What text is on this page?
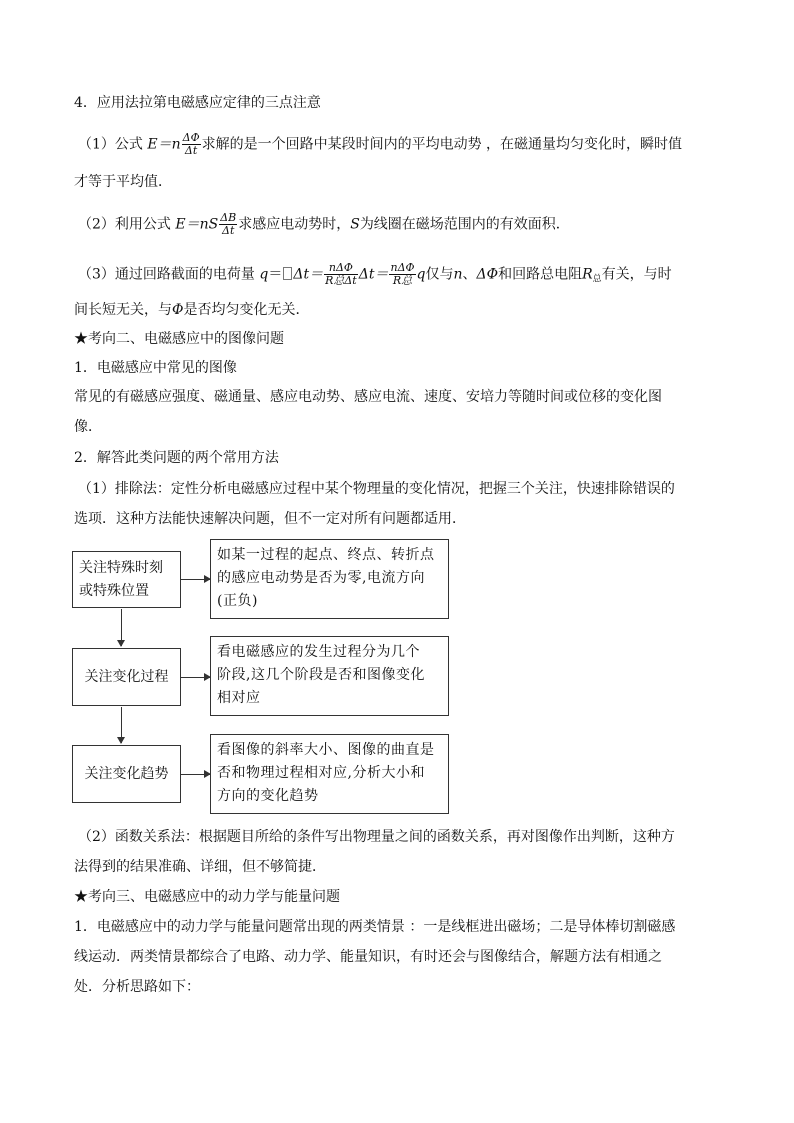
4．应用法拉第电磁感应定律的三点注意
（1）公式 $E=n \frac{\Delta\Phi}{\Delta t}$ 求解的是一个回路中某段时间内的平均电动势 ，在磁通量均匀变化时，瞬时值
才等于平均值．
（2）利用公式 $E=nS \frac{\Delta B}{\Delta t}$ 求感应电动势时，S为线圈在磁场范围内的有效面积．
（3）通过回路截面的电荷量 $q= \Delta t= \frac{\text{nΔΦ}}{\text{R总Δt}} \Delta t= \frac{\text{nΔΦ}}{\text{R总}}$ q仅与n、ΔΦ和回路总电阻$R_总$有关，与时
间长短无关，与Φ是否均匀变化无关．
★考向二、电磁感应中的图像问题
1．电磁感应中常见的图像
常见的有磁感应强度、磁通量、感应电动势、感应电流、速度、安培力等随时间或位移的变化图
像．
2．解答此类问题的两个常用方法
（1）排除法：定性分析电磁感应过程中某个物理量的变化情况，把握三个关注，快速排除错误的
选项．这种方法能快速解决问题，但不一定对所有问题都适用．
关注特殊时刻或特殊位置
关注变化过程
关注变化趋势
如某一过程的起点、终点、转折点
的感应电动势是否为零,电流方向
(正负)
看电磁感应的发生过程分为几个
阶段,这几个阶段是否和图像变化
相对应
看图像的斜率大小、图像的曲直是
否和物理过程相对应,分析大小和
方向的变化趋势
（2）函数关系法：根据题目所给的条件写出物理量之间的函数关系，再对图像作出判断，这种方
法得到的结果准确、详细，但不够简捷．
★考向三、电磁感应中的动力学与能量问题
1．电磁感应中的动力学与能量问题常出现的两类情景 ：一是线框进出磁场；二是导体棒切割磁感
线运动．两类情景都综合了电路、动力学、能量知识，有时还会与图像结合，解题方法有相通之
处．分析思路如下：
